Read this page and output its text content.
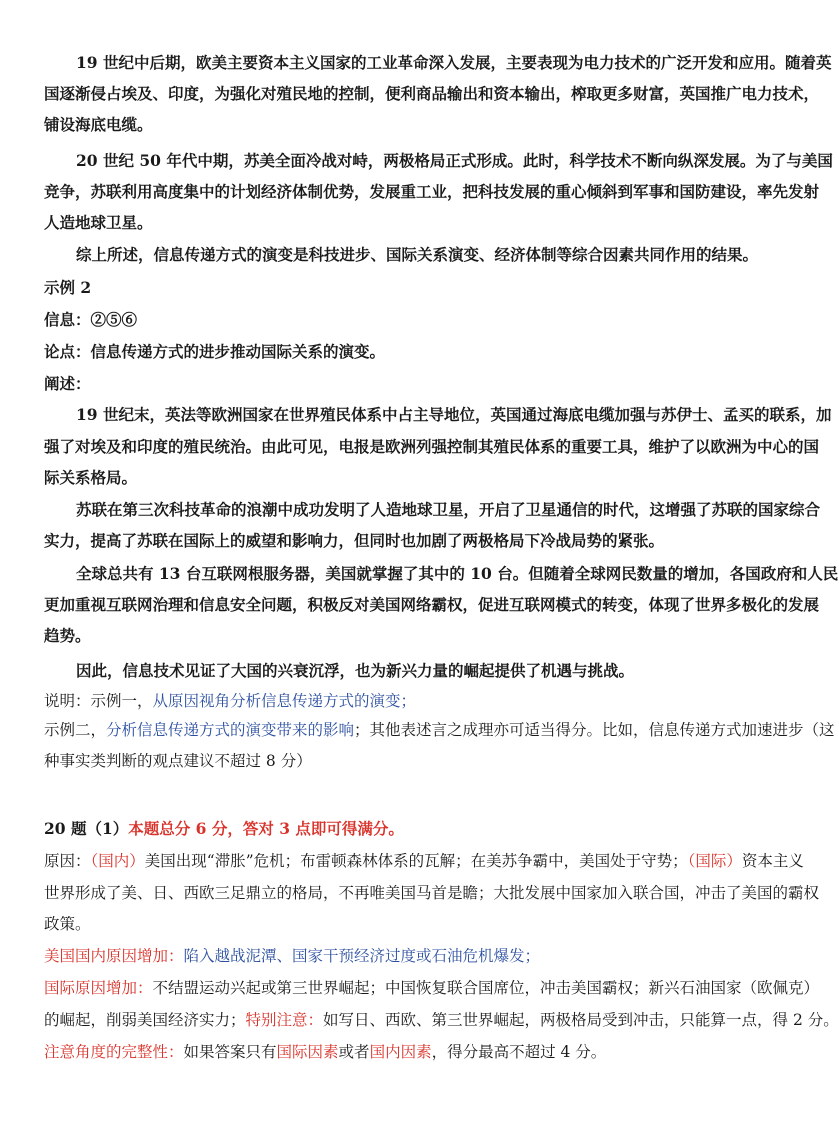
19 世纪中后期，欧美主要资本主义国家的工业革命深入发展，主要表现为电力技术的广泛开发和应用。随着英
国逐渐侵占埃及、印度，为强化对殖民地的控制，便利商品输出和资本输出，榨取更多财富，英国推广电力技术，
铺设海底电缆。
20 世纪 50 年代中期，苏美全面冷战对峙，两极格局正式形成。此时，科学技术不断向纵深发展。为了与美国
竞争，苏联利用高度集中的计划经济体制优势，发展重工业，把科技发展的重心倾斜到军事和国防建设，率先发射
人造地球卫星。
综上所述，信息传递方式的演变是科技进步、国际关系演变、经济体制等综合因素共同作用的结果。
示例 2
信息：②⑤⑥
论点：信息传递方式的进步推动国际关系的演变。
阐述：
19 世纪末，英法等欧洲国家在世界殖民体系中占主导地位，英国通过海底电缆加强与苏伊士、孟买的联系，加
强了对埃及和印度的殖民统治。由此可见，电报是欧洲列强控制其殖民体系的重要工具，维护了以欧洲为中心的国
际关系格局。
苏联在第三次科技革命的浪潮中成功发明了人造地球卫星，开启了卫星通信的时代，这增强了苏联的国家综合
实力，提高了苏联在国际上的威望和影响力，但同时也加剧了两极格局下冷战局势的紧张。
全球总共有 13 台互联网根服务器，美国就掌握了其中的 10 台。但随着全球网民数量的增加，各国政府和人民
更加重视互联网治理和信息安全问题，积极反对美国网络霸权，促进互联网模式的转变，体现了世界多极化的发展
趋势。
因此，信息技术见证了大国的兴衰沉浮，也为新兴力量的崛起提供了机遇与挑战。
说明：示例一，从原因视角分析信息传递方式的演变；
示例二，分析信息传递方式的演变带来的影响；其他表述言之成理亦可适当得分。比如，信息传递方式加速进步（这
种事实类判断的观点建议不超过 8 分）
20 题（1）本题总分 6 分，答对 3 点即可得满分。
原因：（国内）美国出现“滞胀”危机；布雷顿森林体系的瓦解；在美苏争霸中，美国处于守势；（国际）资本主义
世界形成了美、日、西欧三足鼎立的格局，不再唯美国马首是瞻；大批发展中国家加入联合国，冲击了美国的霸权
政策。
美国国内原因增加：陷入越战泥潭、国家干预经济过度或石油危机爆发；
国际原因增加：不结盟运动兴起或第三世界崛起；中国恢复联合国席位，冲击美国霸权；新兴石油国家（欧佩克）
的崛起，削弱美国经济实力；特别注意：如写日、西欧、第三世界崛起，两极格局受到冲击，只能算一点，得 2 分。
注意角度的完整性：如果答案只有国际因素或者国内因素，得分最高不超过 4 分。
